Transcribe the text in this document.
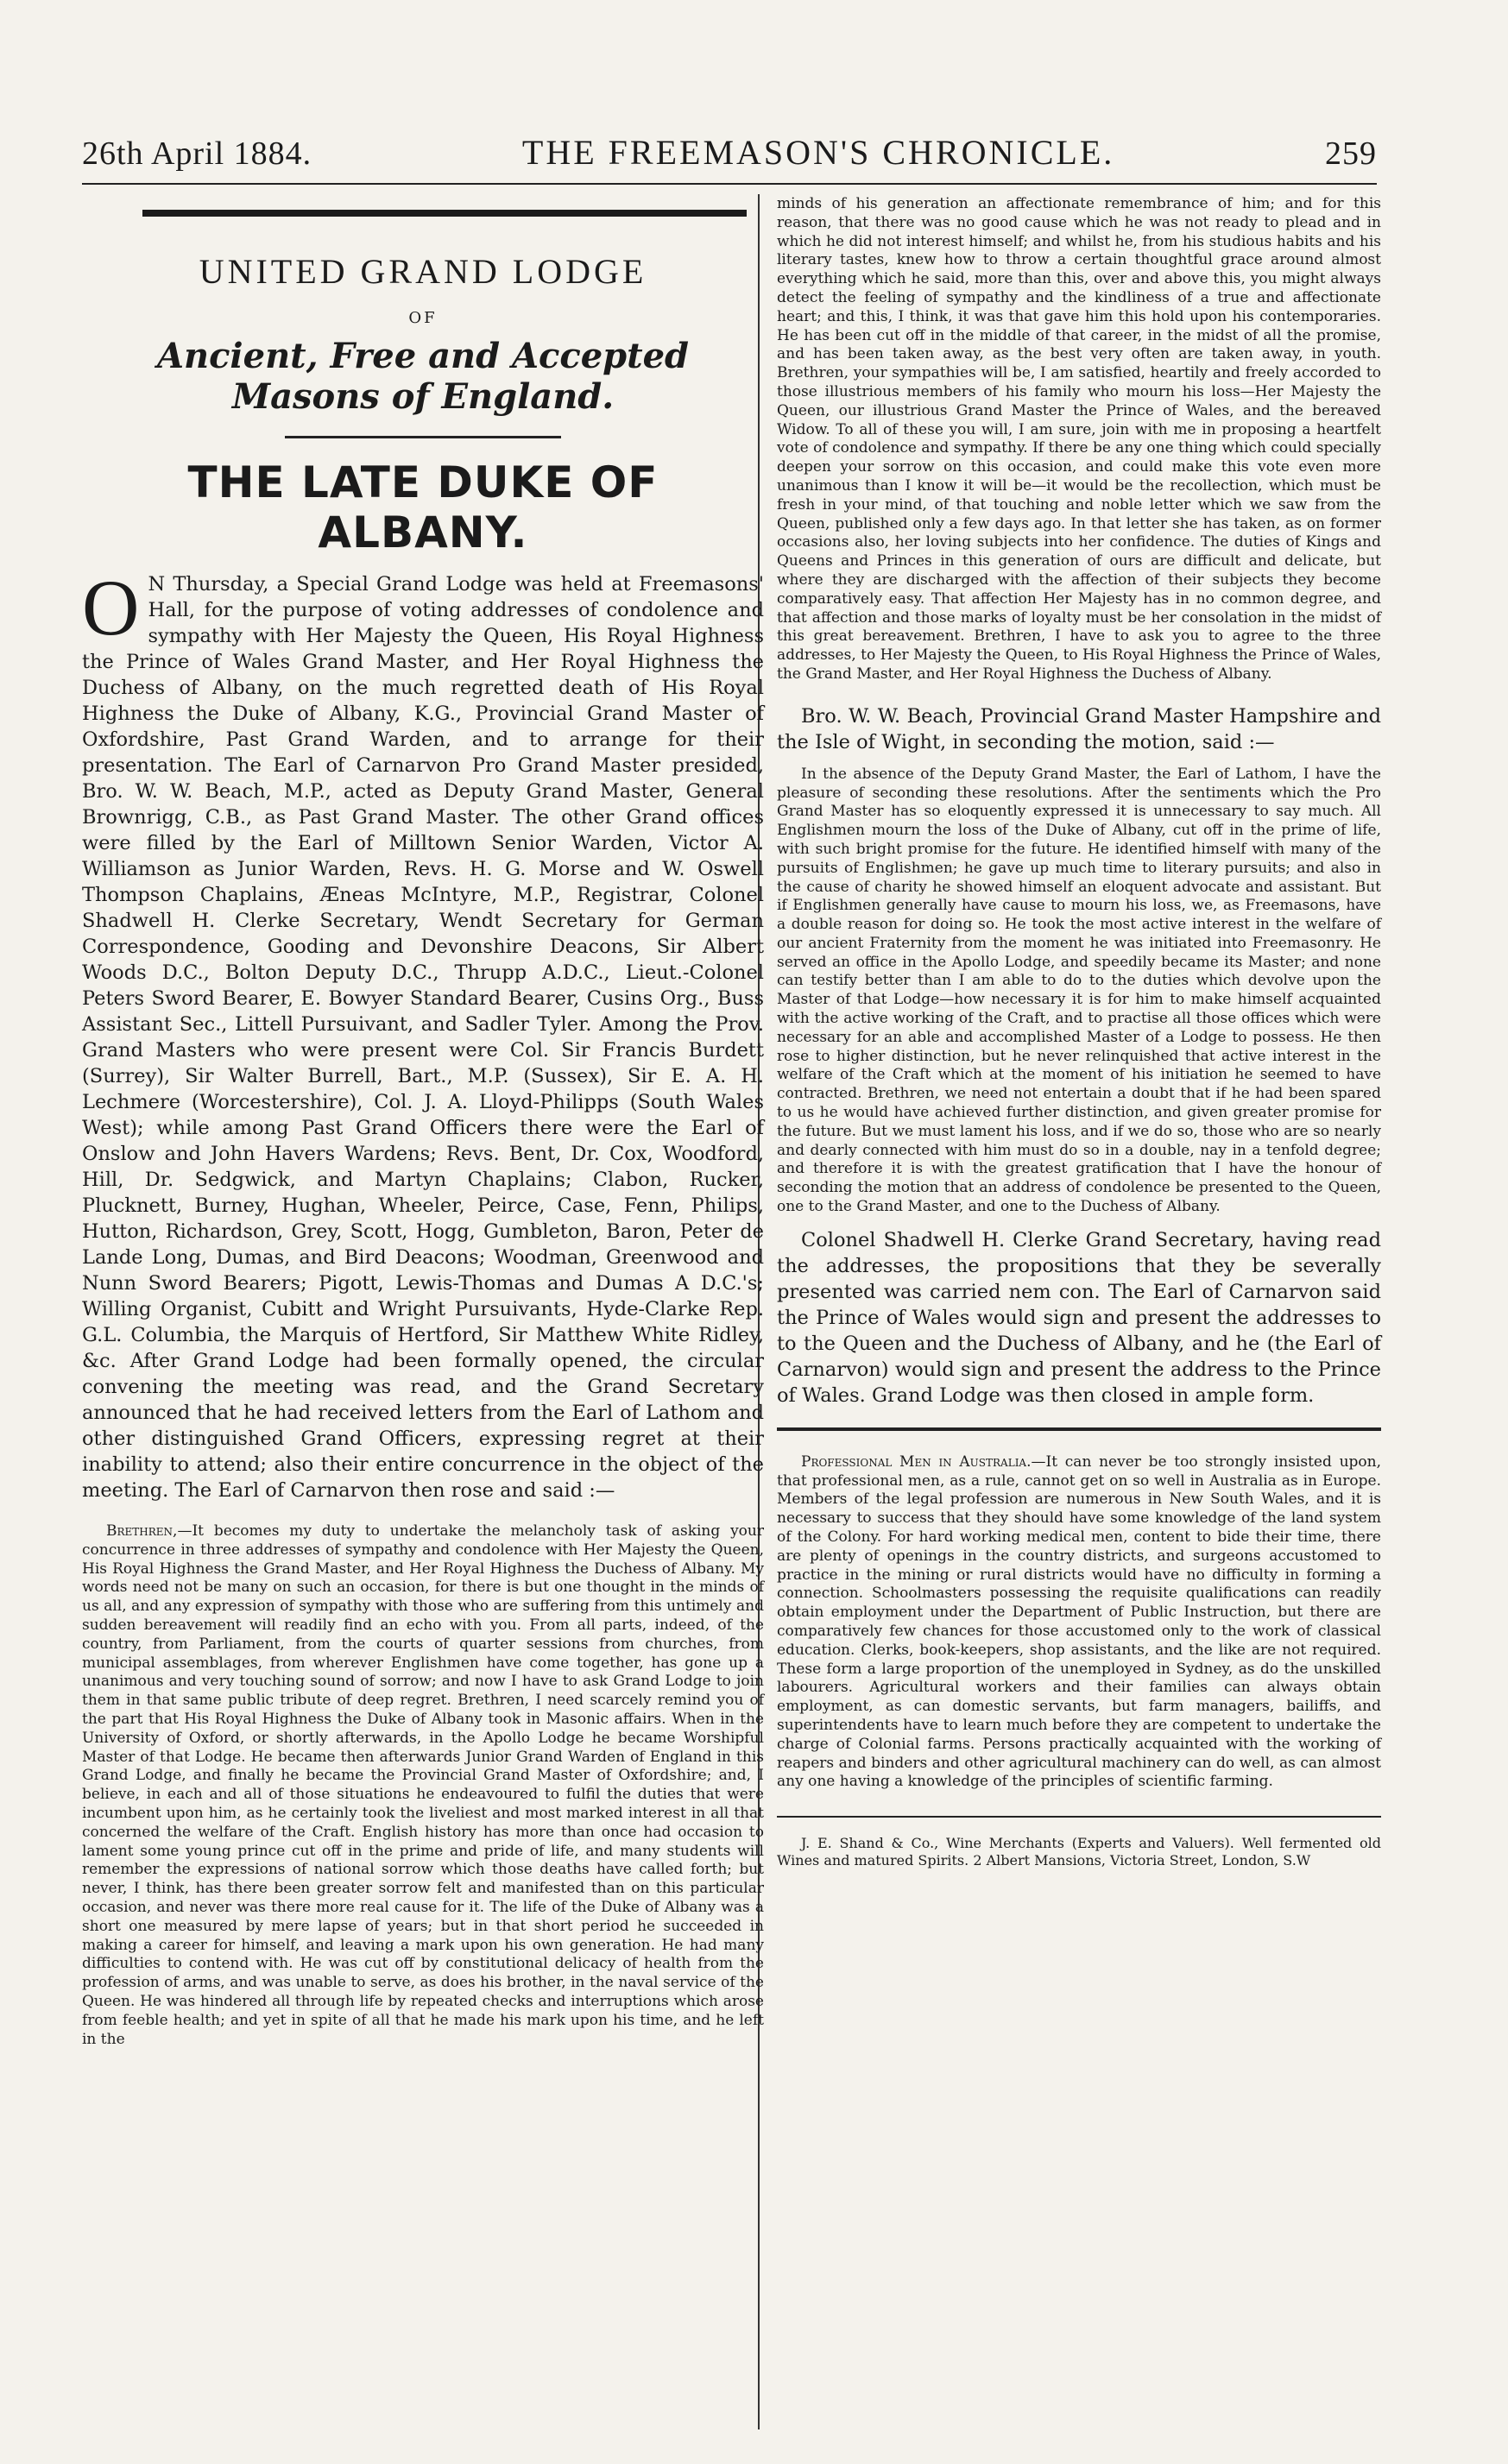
26th April 1884.	THE FREEMASON'S CHRONICLE.	259
UNITED GRAND LODGE
OF
Ancient, Free and Accepted Masons of England.
THE LATE DUKE OF ALBANY.

O N Thursday, a Special Grand Lodge was held at Freemasons' Hall, for the purpose of voting addresses of condolence and sympathy with Her Majesty the Queen, His Royal Highness the Prince of Wales Grand Master, and Her Royal Highness the Duchess of Albany, on the much regretted death of His Royal Highness the Duke of Albany, K.G., Provincial Grand Master of Oxfordshire, Past Grand Warden, and to arrange for their presentation. The Earl of Carnarvon Pro Grand Master presided, Bro. W. W. Beach, M.P., acted as Deputy Grand Master, General Brownrigg, C.B., as Past Grand Master. The other Grand offices were filled by the Earl of Milltown Senior Warden, Victor A. Williamson as Junior Warden, Revs. H. G. Morse and W. Oswell Thompson Chaplains, Æneas McIntyre, M.P., Registrar, Colonel Shadwell H. Clerke Secretary, Wendt Secretary for German Correspondence, Gooding and Devonshire Deacons, Sir Albert Woods D.C., Bolton Deputy D.C., Thrupp A.D.C., Lieut.-Colonel Peters Sword Bearer, E. Bowyer Standard Bearer, Cusins Org., Buss Assistant Sec., Littell Pursuivant, and Sadler Tyler. Among the Prov. Grand Masters who were present were Col. Sir Francis Burdett (Surrey), Sir Walter Burrell, Bart., M.P. (Sussex), Sir E. A. H. Lechmere (Worcestershire), Col. J. A. Lloyd-Philipps (South Wales West); while among Past Grand Officers there were the Earl of Onslow and John Havers Wardens; Revs. Bent, Dr. Cox, Woodford, Hill, Dr. Sedgwick, and Martyn Chaplains; Clabon, Rucker, Plucknett, Burney, Hughan, Wheeler, Peirce, Case, Fenn, Philips, Hutton, Richardson, Grey, Scott, Hogg, Gumbleton, Baron, Peter de Lande Long, Dumas, and Bird Deacons; Woodman, Greenwood and Nunn Sword Bearers; Pigott, Lewis-Thomas and Dumas A D.C.'s; Willing Organist, Cubitt and Wright Pursuivants, Hyde-Clarke Rep. G.L. Columbia, the Marquis of Hertford, Sir Matthew White Ridley, &c. After Grand Lodge had been formally opened, the circular convening the meeting was read, and the Grand Secretary announced that he had received letters from the Earl of Lathom and other distinguished Grand Officers, expressing regret at their inability to attend; also their entire concurrence in the object of the meeting. The Earl of Carnarvon then rose and said :—

Brethren,—It becomes my duty to undertake the melancholy task of asking your concurrence in three addresses of sympathy and condolence with Her Majesty the Queen, His Royal Highness the Grand Master, and Her Royal Highness the Duchess of Albany. My words need not be many on such an occasion, for there is but one thought in the minds of us all, and any expression of sympathy with those who are suffering from this untimely and sudden bereavement will readily find an echo with you. From all parts, indeed, of the country, from Parliament, from the courts of quarter sessions from churches, from municipal assemblages, from wherever Englishmen have come together, has gone up a unanimous and very touching sound of sorrow; and now I have to ask Grand Lodge to join them in that same public tribute of deep regret. Brethren, I need scarcely remind you of the part that His Royal Highness the Duke of Albany took in Masonic affairs. When in the University of Oxford, or shortly afterwards, in the Apollo Lodge he became Worshipful Master of that Lodge. He became then afterwards Junior Grand Warden of England in this Grand Lodge, and finally he became the Provincial Grand Master of Oxfordshire; and, I believe, in each and all of those situations he endeavoured to fulfil the duties that were incumbent upon him, as he certainly took the liveliest and most marked interest in all that concerned the welfare of the Craft. English history has more than once had occasion to lament some young prince cut off in the prime and pride of life, and many students will remember the expressions of national sorrow which those deaths have called forth; but never, I think, has there been greater sorrow felt and manifested than on this particular occasion, and never was there more real cause for it. The life of the Duke of Albany was a short one measured by mere lapse of years; but in that short period he succeeded in making a career for himself, and leaving a mark upon his own generation. He had many difficulties to contend with. He was cut off by constitutional delicacy of health from the profession of arms, and was unable to serve, as does his brother, in the naval service of the Queen. He was hindered all through life by repeated checks and interruptions which arose from feeble health; and yet in spite of all that he made his mark upon his time, and he left in the

minds of his generation an affectionate remembrance of him; and for this reason, that there was no good cause which he was not ready to plead and in which he did not interest himself; and whilst he, from his studious habits and his literary tastes, knew how to throw a certain thoughtful grace around almost everything which he said, more than this, over and above this, you might always detect the feeling of sympathy and the kindliness of a true and affectionate heart; and this, I think, it was that gave him this hold upon his contemporaries. He has been cut off in the middle of that career, in the midst of all the promise, and has been taken away, as the best very often are taken away, in youth. Brethren, your sympathies will be, I am satisfied, heartily and freely accorded to those illustrious members of his family who mourn his loss—Her Majesty the Queen, our illustrious Grand Master the Prince of Wales, and the bereaved Widow. To all of these you will, I am sure, join with me in proposing a heartfelt vote of condolence and sympathy. If there be any one thing which could specially deepen your sorrow on this occasion, and could make this vote even more unanimous than I know it will be—it would be the recollection, which must be fresh in your mind, of that touching and noble letter which we saw from the Queen, published only a few days ago. In that letter she has taken, as on former occasions also, her loving subjects into her confidence. The duties of Kings and Queens and Princes in this generation of ours are difficult and delicate, but where they are discharged with the affection of their subjects they become comparatively easy. That affection Her Majesty has in no common degree, and that affection and those marks of loyalty must be her consolation in the midst of this great bereavement. Brethren, I have to ask you to agree to the three addresses, to Her Majesty the Queen, to His Royal Highness the Prince of Wales, the Grand Master, and Her Royal Highness the Duchess of Albany.

Bro. W. W. Beach, Provincial Grand Master Hampshire and the Isle of Wight, in seconding the motion, said :—

In the absence of the Deputy Grand Master, the Earl of Lathom, I have the pleasure of seconding these resolutions. After the sentiments which the Pro Grand Master has so eloquently expressed it is unnecessary to say much. All Englishmen mourn the loss of the Duke of Albany, cut off in the prime of life, with such bright promise for the future. He identified himself with many of the pursuits of Englishmen; he gave up much time to literary pursuits; and also in the cause of charity he showed himself an eloquent advocate and assistant. But if Englishmen generally have cause to mourn his loss, we, as Freemasons, have a double reason for doing so. He took the most active interest in the welfare of our ancient Fraternity from the moment he was initiated into Freemasonry. He served an office in the Apollo Lodge, and speedily became its Master; and none can testify better than I am able to do to the duties which devolve upon the Master of that Lodge—how necessary it is for him to make himself acquainted with the active working of the Craft, and to practise all those offices which were necessary for an able and accomplished Master of a Lodge to possess. He then rose to higher distinction, but he never relinquished that active interest in the welfare of the Craft which at the moment of his initiation he seemed to have contracted. Brethren, we need not entertain a doubt that if he had been spared to us he would have achieved further distinction, and given greater promise for the future. But we must lament his loss, and if we do so, those who are so nearly and dearly connected with him must do so in a double, nay in a tenfold degree; and therefore it is with the greatest gratification that I have the honour of seconding the motion that an address of condolence be presented to the Queen, one to the Grand Master, and one to the Duchess of Albany.

Colonel Shadwell H. Clerke Grand Secretary, having read the addresses, the propositions that they be severally presented was carried nem con. The Earl of Carnarvon said the Prince of Wales would sign and present the addresses to to the Queen and the Duchess of Albany, and he (the Earl of Carnarvon) would sign and present the address to the Prince of Wales. Grand Lodge was then closed in ample form.

Professional Men in Australia.—It can never be too strongly insisted upon, that professional men, as a rule, cannot get on so well in Australia as in Europe. Members of the legal profession are numerous in New South Wales, and it is necessary to success that they should have some knowledge of the land system of the Colony. For hard working medical men, content to bide their time, there are plenty of openings in the country districts, and surgeons accustomed to practice in the mining or rural districts would have no difficulty in forming a connection. Schoolmasters possessing the requisite qualifications can readily obtain employment under the Department of Public Instruction, but there are comparatively few chances for those accustomed only to the work of classical education. Clerks, book-keepers, shop assistants, and the like are not required. These form a large proportion of the unemployed in Sydney, as do the unskilled labourers. Agricultural workers and their families can always obtain employment, as can domestic servants, but farm managers, bailiffs, and superintendents have to learn much before they are competent to undertake the charge of Colonial farms. Persons practically acquainted with the working of reapers and binders and other agricultural machinery can do well, as can almost any one having a knowledge of the principles of scientific farming.

J. E. Shand & Co., Wine Merchants (Experts and Valuers). Well fermented old Wines and matured Spirits. 2 Albert Mansions, Victoria Street, London, S.W
